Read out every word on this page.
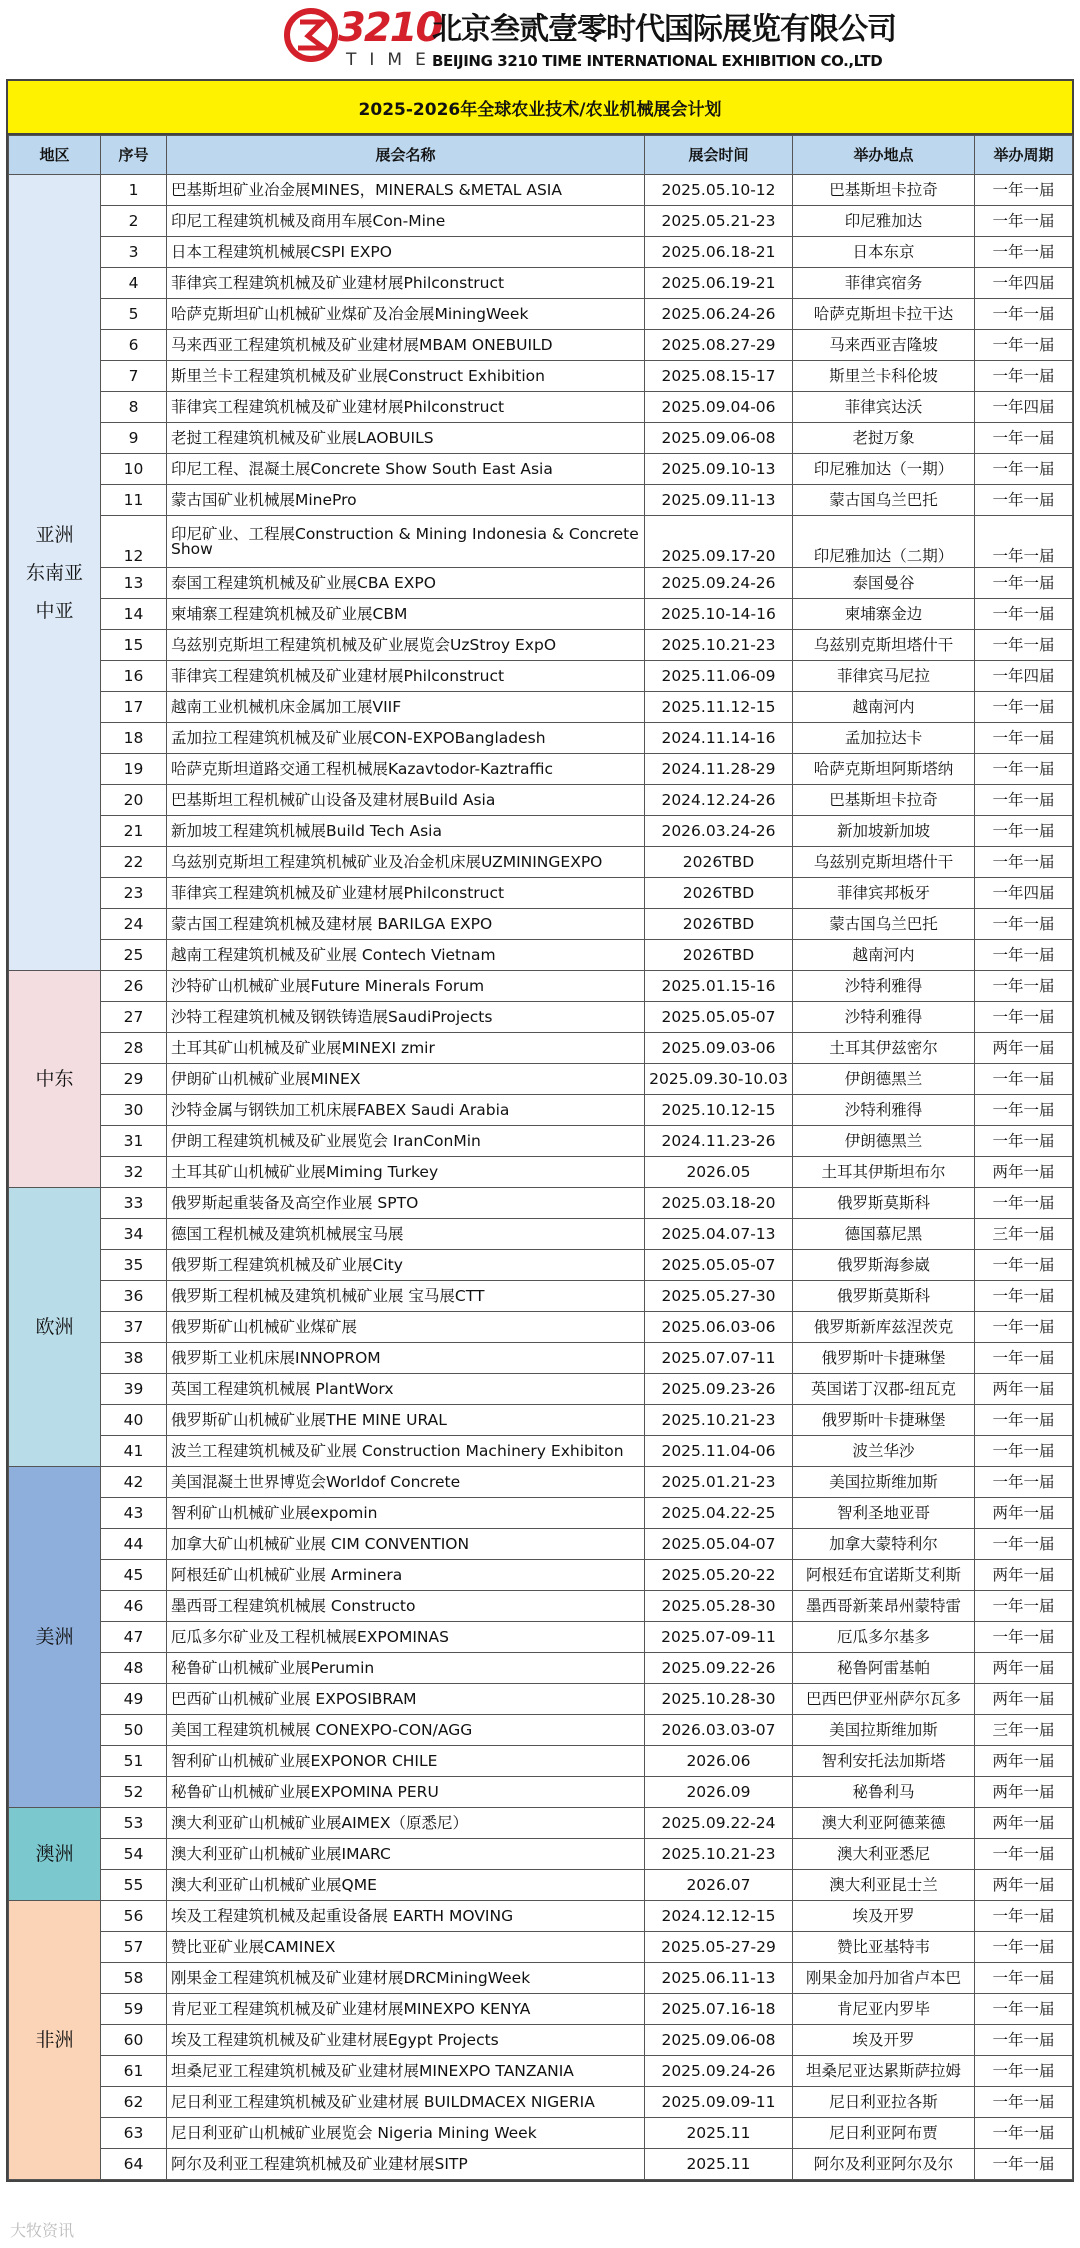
3210
TIME
北京叁贰壹零时代国际展览有限公司
BEIJING 3210 TIME INTERNATIONAL EXHIBITION CO.,LTD
2025-2026年全球农业技术/农业机械展会计划
地区	序号	展会名称	展会时间	举办地点	举办周期

亚洲
东南亚
中亚	1	巴基斯坦矿业冶金展MINES，MINERALS &METAL ASIA	2025.05.10-12	巴基斯坦卡拉奇	一年一届
	2	印尼工程建筑机械及商用车展Con-Mine	2025.05.21-23	印尼雅加达	一年一届
	3	日本工程建筑机械展CSPI EXPO	2025.06.18-21	日本东京	一年一届
	4	菲律宾工程建筑机械及矿业建材展Philconstruct	2025.06.19-21	菲律宾宿务	一年四届
	5	哈萨克斯坦矿山机械矿业煤矿及冶金展MiningWeek	2025.06.24-26	哈萨克斯坦卡拉干达	一年一届
	6	马来西亚工程建筑机械及矿业建材展MBAM ONEBUILD	2025.08.27-29	马来西亚吉隆坡	一年一届
	7	斯里兰卡工程建筑机械及矿业展Construct Exhibition	2025.08.15-17	斯里兰卡科伦坡	一年一届
	8	菲律宾工程建筑机械及矿业建材展Philconstruct	2025.09.04-06	菲律宾达沃	一年四届
	9	老挝工程建筑机械及矿业展LAOBUILS	2025.09.06-08	老挝万象	一年一届
	10	印尼工程、混凝土展Concrete Show South East Asia	2025.09.10-13	印尼雅加达（一期）	一年一届
	11	蒙古国矿业机械展MinePro	2025.09.11-13	蒙古国乌兰巴托	一年一届
	12	印尼矿业、工程展Construction & Mining Indonesia & Concrete Show	2025.09.17-20	印尼雅加达（二期）	一年一届
	13	泰国工程建筑机械及矿业展CBA EXPO	2025.09.24-26	泰国曼谷	一年一届
	14	柬埔寨工程建筑机械及矿业展CBM	2025.10-14-16	柬埔寨金边	一年一届
	15	乌兹别克斯坦工程建筑机械及矿业展览会UzStroy ExpO	2025.10.21-23	乌兹别克斯坦塔什干	一年一届
	16	菲律宾工程建筑机械及矿业建材展Philconstruct	2025.11.06-09	菲律宾马尼拉	一年四届
	17	越南工业机械机床金属加工展VIIF	2025.11.12-15	越南河内	一年一届
	18	孟加拉工程建筑机械及矿业展CON-EXPOBangladesh	2024.11.14-16	孟加拉达卡	一年一届
	19	哈萨克斯坦道路交通工程机械展Kazavtodor-Kaztraffic	2024.11.28-29	哈萨克斯坦阿斯塔纳	一年一届
	20	巴基斯坦工程机械矿山设备及建材展Build Asia	2024.12.24-26	巴基斯坦卡拉奇	一年一届
	21	新加坡工程建筑机械展Build Tech Asia	2026.03.24-26	新加坡新加坡	一年一届
	22	乌兹别克斯坦工程建筑机械矿业及冶金机床展UZMININGEXPO	2026TBD	乌兹别克斯坦塔什干	一年一届
	23	菲律宾工程建筑机械及矿业建材展Philconstruct	2026TBD	菲律宾邦板牙	一年四届
	24	蒙古国工程建筑机械及建材展 BARILGA EXPO	2026TBD	蒙古国乌兰巴托	一年一届
	25	越南工程建筑机械及矿业展 Contech Vietnam	2026TBD	越南河内	一年一届

中东	26	沙特矿山机械矿业展Future Minerals Forum	2025.01.15-16	沙特利雅得	一年一届
	27	沙特工程建筑机械及钢铁铸造展SaudiProjects	2025.05.05-07	沙特利雅得	一年一届
	28	土耳其矿山机械及矿业展MINEXI zmir	2025.09.03-06	土耳其伊兹密尔	两年一届
	29	伊朗矿山机械矿业展MINEX	2025.09.30-10.03	伊朗德黑兰	一年一届
	30	沙特金属与钢铁加工机床展FABEX Saudi Arabia	2025.10.12-15	沙特利雅得	一年一届
	31	伊朗工程建筑机械及矿业展览会 IranConMin	2024.11.23-26	伊朗德黑兰	一年一届
	32	土耳其矿山机械矿业展Miming Turkey	2026.05	土耳其伊斯坦布尔	两年一届

欧洲	33	俄罗斯起重装备及高空作业展 SPTO	2025.03.18-20	俄罗斯莫斯科	一年一届
	34	德国工程机械及建筑机械展宝马展	2025.04.07-13	德国慕尼黑	三年一届
	35	俄罗斯工程建筑机械及矿业展City	2025.05.05-07	俄罗斯海参崴	一年一届
	36	俄罗斯工程机械及建筑机械矿业展 宝马展CTT	2025.05.27-30	俄罗斯莫斯科	一年一届
	37	俄罗斯矿山机械矿业煤矿展	2025.06.03-06	俄罗斯新库兹涅茨克	一年一届
	38	俄罗斯工业机床展INNOPROM	2025.07.07-11	俄罗斯叶卡捷琳堡	一年一届
	39	英国工程建筑机械展 PlantWorx	2025.09.23-26	英国诺丁汉郡-纽瓦克	两年一届
	40	俄罗斯矿山机械矿业展THE MINE URAL	2025.10.21-23	俄罗斯叶卡捷琳堡	一年一届
	41	波兰工程建筑机械及矿业展 Construction Machinery Exhibiton	2025.11.04-06	波兰华沙	一年一届

美洲	42	美国混凝土世界博览会Worldof Concrete	2025.01.21-23	美国拉斯维加斯	一年一届
	43	智利矿山机械矿业展expomin	2025.04.22-25	智利圣地亚哥	两年一届
	44	加拿大矿山机械矿业展 CIM CONVENTION	2025.05.04-07	加拿大蒙特利尔	一年一届
	45	阿根廷矿山机械矿业展 Arminera	2025.05.20-22	阿根廷布宜诺斯艾利斯	两年一届
	46	墨西哥工程建筑机械展 Constructo	2025.05.28-30	墨西哥新莱昂州蒙特雷	一年一届
	47	厄瓜多尔矿业及工程机械展EXPOMINAS	2025.07-09-11	厄瓜多尔基多	一年一届
	48	秘鲁矿山机械矿业展Perumin	2025.09.22-26	秘鲁阿雷基帕	两年一届
	49	巴西矿山机械矿业展 EXPOSIBRAM	2025.10.28-30	巴西巴伊亚州萨尔瓦多	两年一届
	50	美国工程建筑机械展 CONEXPO-CON/AGG	2026.03.03-07	美国拉斯维加斯	三年一届
	51	智利矿山机械矿业展EXPONOR CHILE	2026.06	智利安托法加斯塔	两年一届
	52	秘鲁矿山机械矿业展EXPOMINA PERU	2026.09	秘鲁利马	两年一届

澳洲	53	澳大利亚矿山机械矿业展AIMEX（原悉尼）	2025.09.22-24	澳大利亚阿德莱德	两年一届
	54	澳大利亚矿山机械矿业展IMARC	2025.10.21-23	澳大利亚悉尼	一年一届
	55	澳大利亚矿山机械矿业展QME	2026.07	澳大利亚昆士兰	两年一届

非洲	56	埃及工程建筑机械及起重设备展 EARTH MOVING	2024.12.12-15	埃及开罗	一年一届
	57	赞比亚矿业展CAMINEX	2025.05-27-29	赞比亚基特韦	一年一届
	58	刚果金工程建筑机械及矿业建材展DRCMiningWeek	2025.06.11-13	刚果金加丹加省卢本巴	一年一届
	59	肯尼亚工程建筑机械及矿业建材展MINEXPO KENYA	2025.07.16-18	肯尼亚内罗毕	一年一届
	60	埃及工程建筑机械及矿业建材展Egypt Projects	2025.09.06-08	埃及开罗	一年一届
	61	坦桑尼亚工程建筑机械及矿业建材展MINEXPO TANZANIA	2025.09.24-26	坦桑尼亚达累斯萨拉姆	一年一届
	62	尼日利亚工程建筑机械及矿业建材展 BUILDMACEX NIGERIA	2025.09.09-11	尼日利亚拉各斯	一年一届
	63	尼日利亚矿山机械矿业展览会 Nigeria Mining Week	2025.11	尼日利亚阿布贾	一年一届
	64	阿尔及利亚工程建筑机械及矿业建材展SITP	2025.11	阿尔及利亚阿尔及尔	一年一届
大牧资讯
